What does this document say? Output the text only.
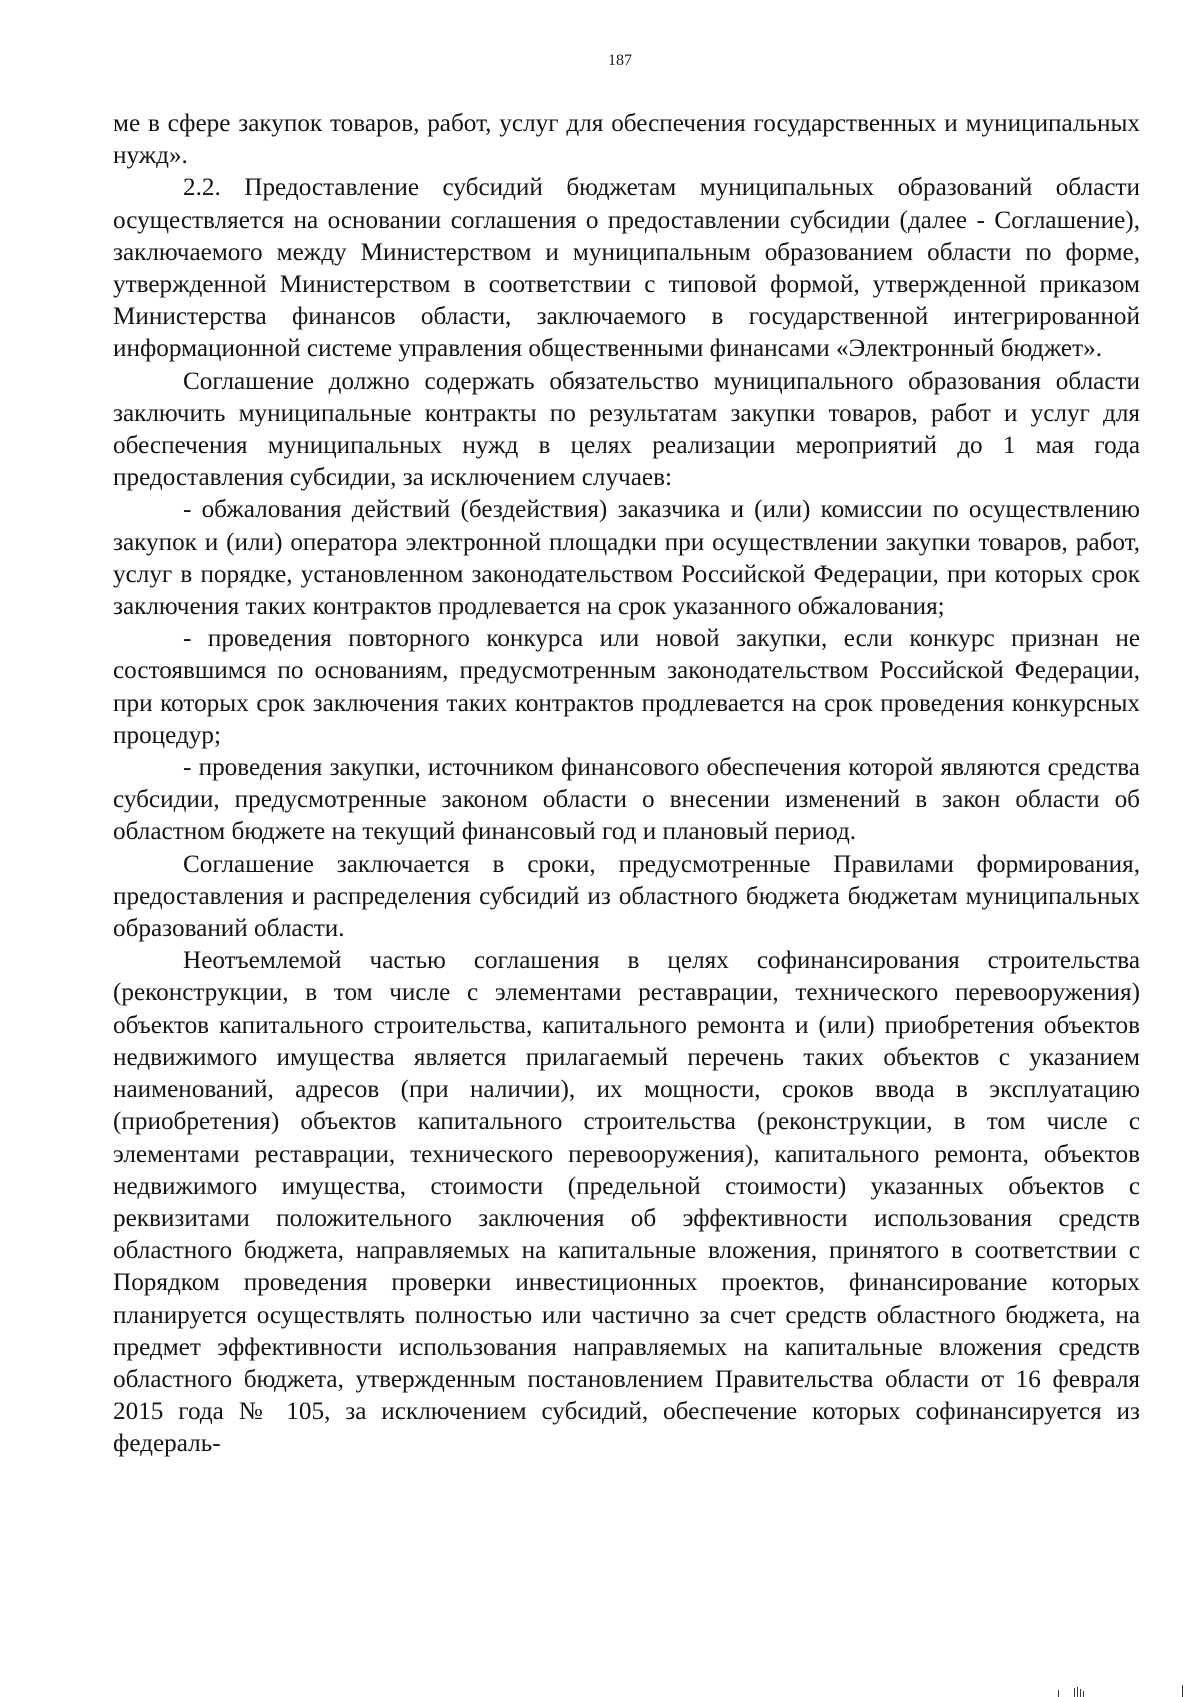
187

ме в сфере закупок товаров, работ, услуг для обеспечения государственных и муниципальных нужд».

2.2. Предоставление субсидий бюджетам муниципальных образований области осуществляется на основании соглашения о предоставлении субсидии (далее - Соглашение), заключаемого между Министерством и муниципальным образованием области по форме, утвержденной Министерством в соответствии с типовой формой, утвержденной приказом Министерства финансов области, заключаемого в государственной интегрированной информационной системе управления общественными финансами «Электронный бюджет».

Соглашение должно содержать обязательство муниципального образования области заключить муниципальные контракты по результатам закупки товаров, работ и услуг для обеспечения муниципальных нужд в целях реализации мероприятий до 1 мая года предоставления субсидии, за исключением случаев:

- обжалования действий (бездействия) заказчика и (или) комиссии по осуществлению закупок и (или) оператора электронной площадки при осуществлении закупки товаров, работ, услуг в порядке, установленном законодательством Российской Федерации, при которых срок заключения таких контрактов продлевается на срок указанного обжалования;

- проведения повторного конкурса или новой закупки, если конкурс признан не состоявшимся по основаниям, предусмотренным законодательством Российской Федерации, при которых срок заключения таких контрактов продлевается на срок проведения конкурсных процедур;

- проведения закупки, источником финансового обеспечения которой являются средства субсидии, предусмотренные законом области о внесении изменений в закон области об областном бюджете на текущий финансовый год и плановый период.

Соглашение заключается в сроки, предусмотренные Правилами формирования, предоставления и распределения субсидий из областного бюджета бюджетам муниципальных образований области.

Неотъемлемой частью соглашения в целях софинансирования строительства (реконструкции, в том числе с элементами реставрации, технического перевооружения) объектов капитального строительства, капитального ремонта и (или) приобретения объектов недвижимого имущества является прилагаемый перечень таких объектов с указанием наименований, адресов (при наличии), их мощности, сроков ввода в эксплуатацию (приобретения) объектов капитального строительства (реконструкции, в том числе с элементами реставрации, технического перевооружения), капитального ремонта, объектов недвижимого имущества, стоимости (предельной стоимости) указанных объектов с реквизитами положительного заключения об эффективности использования средств областного бюджета, направляемых на капитальные вложения, принятого в соответствии с Порядком проведения проверки инвестиционных проектов, финансирование которых планируется осуществлять полностью или частично за счет средств областного бюджета, на предмет эффективности использования направляемых на капитальные вложения средств областного бюджета, утвержденным постановлением Правительства области от 16 февраля 2015 года № 105, за исключением субсидий, обеспечение которых софинансируется из федераль-
